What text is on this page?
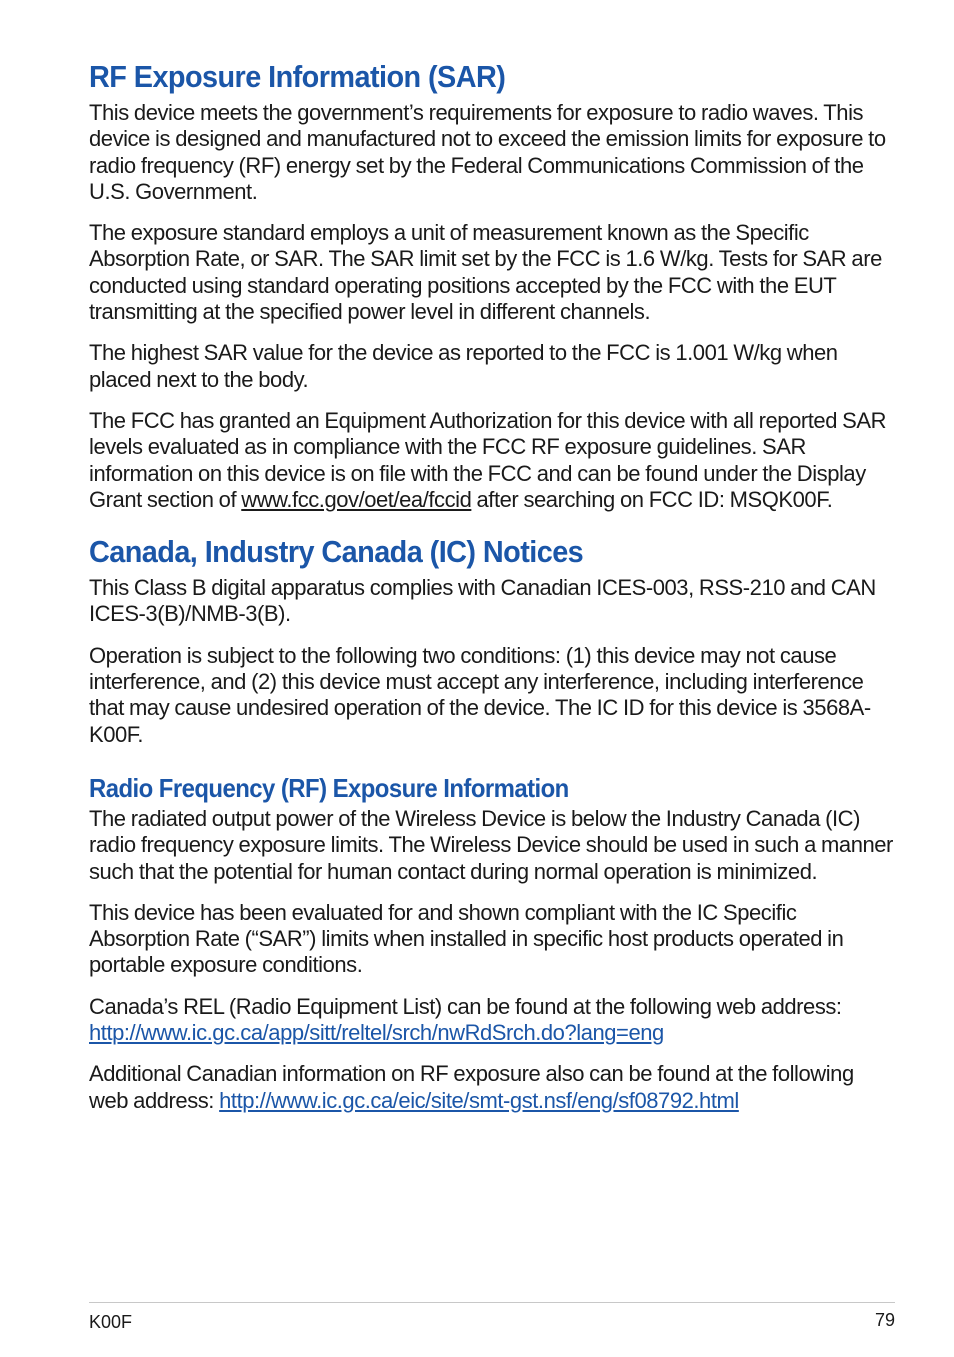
RF Exposure Information (SAR)

This device meets the government’s requirements for exposure to radio waves. This device is designed and manufactured not to exceed the emission limits for exposure to radio frequency (RF) energy set by the Federal Communications Commission of the U.S. Government.

The exposure standard employs a unit of measurement known as the Specific Absorption Rate, or SAR. The SAR limit set by the FCC is 1.6 W/kg. Tests for SAR are conducted using standard operating positions accepted by the FCC with the EUT transmitting at the specified power level in different channels.

The highest SAR value for the device as reported to the FCC is 1.001 W/kg when placed next to the body.

The FCC has granted an Equipment Authorization for this device with all reported SAR levels evaluated as in compliance with the FCC RF exposure guidelines. SAR information on this device is on file with the FCC and can be found under the Display Grant section of www.fcc.gov/oet/ea/fccid after searching on FCC ID: MSQK00F.

Canada, Industry Canada (IC) Notices

This Class B digital apparatus complies with Canadian ICES-003, RSS-210 and CAN ICES-3(B)/NMB-3(B).

Operation is subject to the following two conditions: (1) this device may not cause interference, and (2) this device must accept any interference, including interference that may cause undesired operation of the device. The IC ID for this device is 3568A-K00F.

Radio Frequency (RF) Exposure Information

The radiated output power of the Wireless Device is below the Industry Canada (IC) radio frequency exposure limits. The Wireless Device should be used in such a manner such that the potential for human contact during normal operation is minimized.

This device has been evaluated for and shown compliant with the IC Specific Absorption Rate (“SAR”) limits when installed in specific host products operated in portable exposure conditions.

Canada’s REL (Radio Equipment List) can be found at the following web address:
http://www.ic.gc.ca/app/sitt/reltel/srch/nwRdSrch.do?lang=eng

Additional Canadian information on RF exposure also can be found at the following web address: http://www.ic.gc.ca/eic/site/smt-gst.nsf/eng/sf08792.html

K00F	79
